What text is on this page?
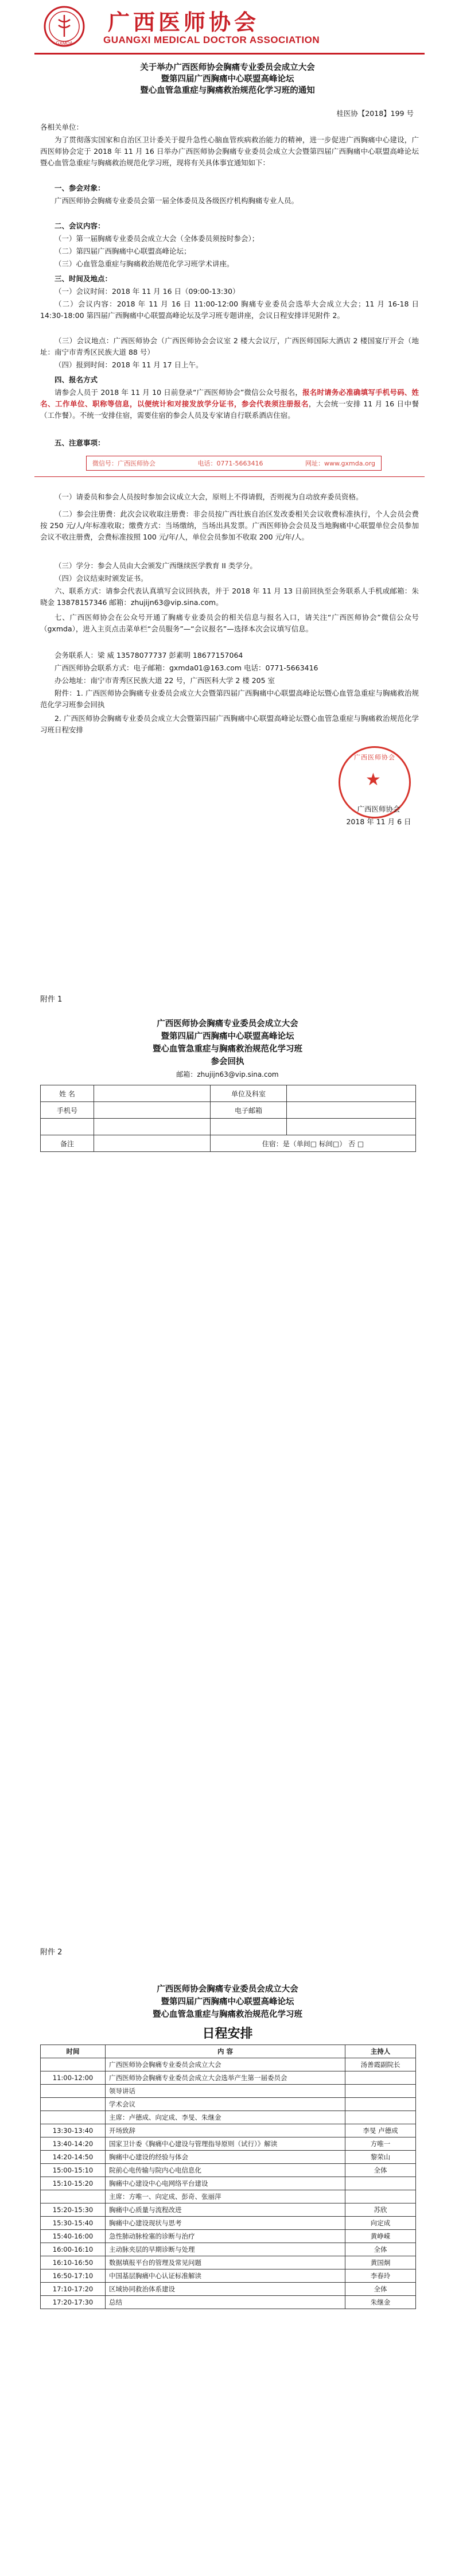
GXMDA
广西医师协会
GUANGXI MEDICAL DOCTOR ASSOCIATION
关于举办广西医师协会胸痛专业委员会成立大会
暨第四届广西胸痛中心联盟高峰论坛
暨心血管急重症与胸痛救治规范化学习班的通知
桂医协【2018】199 号
各相关单位：
为了贯彻落实国家和自治区卫计委关于提升急性心脑血管疾病救治能力的精神，进一步促进广西胸痛中心建设，广西医师协会定于 2018 年 11 月 16 日举办广西医师协会胸痛专业委员会成立大会暨第四届广西胸痛中心联盟高峰论坛暨心血管急重症与胸痛救治规范化学习班，现将有关具体事宜通知如下：
一、参会对象：
广西医师协会胸痛专业委员会第一届全体委员及各级医疗机构胸痛专业人员。
二、会议内容：
（一）第一届胸痛专业委员会成立大会（全体委员须按时参会）；
（二）第四届广西胸痛中心联盟高峰论坛；
（三）心血管急重症与胸痛救治规范化学习班学术讲座。
三、时间及地点：
（一）会议时间：2018 年 11 月 16 日（09:00-13:30）
（二）会议内容：2018 年 11 月 16 日 11:00-12:00 胸痛专业委员会选举大会成立大会；11 月 16-18 日 14:30-18:00 第四届广西胸痛中心联盟高峰论坛及学习班专题讲座，会议日程安排详见附件 2。
（三）会议地点：广西医师协会（广西医师协会会议室 2 楼大会议厅，广西医师国际大酒店 2 楼国宴厅开会（地址：南宁市青秀区民族大道 88 号）
（四）报到时间：2018 年 11 月 17 日上午。
四、报名方式
请参会人员于 2018 年 11 月 10 日前登录“广西医师协会”微信公众号报名，报名时请务必准确填写手机号码、姓名、工作单位、职称等信息，以便统计和对接发放学分证书，参会代表须注册报名，大会统一安排 11 月 16 日中餐（工作餐）。不统一安排住宿，需要住宿的参会人员及专家请自行联系酒店住宿。
五、注意事项：
微信号：广西医师协会	电话：0771-5663416	网址：www.gxmda.org
（一）请委员和参会人员按时参加会议成立大会，原则上不得请假，否则视为自动放弃委员资格。
（二）参会注册费：此次会议收取注册费：非会员按广西壮族自治区发改委相关会议收费标准执行，个人会员会费按 250 元/人/年标准收取；缴费方式：当场缴纳，当场出具发票。广西医师协会会员及当地胸痛中心联盟单位会员参加会议不收注册费，会费标准按照 100 元/年/人，单位会员参加不收取 200 元/年/人。
（三）学分：参会人员由大会颁发广西继续医学教育 II 类学分。
（四）会议结束时颁发证书。
六、联系方式：请参会代表认真填写会议回执表，并于 2018 年 11 月 13 日前回执至会务联系人手机或邮箱：朱晓金 13878157346 邮箱：zhujijn63@vip.sina.com。
七、广西医师协会在公众号开通了胸痛专业委员会的相关信息与报名入口，请关注“广西医师协会”微信公众号（gxmda），进入主页点击菜单栏“会员服务”—“会议报名”—选择本次会议填写信息。
会务联系人：梁 威 13578077737 彭素明 18677157064
广西医师协会联系方式：电子邮箱：gxmda01@163.com 电话：0771-5663416
办公地址：南宁市青秀区民族大道 22 号，广西医科大学 2 楼 205 室
附件：1. 广西医师协会胸痛专业委员会成立大会暨第四届广西胸痛中心联盟高峰论坛暨心血管急重症与胸痛救治规范化学习班参会回执
2. 广西医师协会胸痛专业委员会成立大会暨第四届广西胸痛中心联盟高峰论坛暨心血管急重症与胸痛救治规范化学习班日程安排
广西医师协会
★
广西医师协会
2018 年 11 月 6 日
附件 1
广西医师协会胸痛专业委员会成立大会
暨第四届广西胸痛中心联盟高峰论坛
暨心血管急重症与胸痛救治规范化学习班
参会回执
邮箱：zhujijn63@vip.sina.com
姓 名		单位及科室	
手机号		电子邮箱	

备注		住宿：是（单间□ 标间□） 否 □	
附件 2
广西医师协会胸痛专业委员会成立大会
暨第四届广西胸痛中心联盟高峰论坛
暨心血管急重症与胸痛救治规范化学习班
日程安排
时间	内 容	主持人
	广西医师协会胸痛专业委员会成立大会	汤善霞副院长
11:00-12:00	广西医师协会胸痛专业委员会成立大会选举产生第一届委员会	
	领导讲话	
	学术会议	
	主席：卢德成、向定成、李旻、朱继金	
13:30-13:40	开场致辞	李旻 卢德成
13:40-14:20	国家卫计委《胸痛中心建设与管理指导原则（试行）》解读	方唯一
14:20-14:50	胸痛中心建设的经验与体会	黎荣山
15:00-15:10	院前心电传输与院内心电信息化	全体
15:10-15:20	胸痛中心建设中心电网络平台建设	
	主席：方唯一、向定成、彭奇、张丽萍	
15:20-15:30	胸痛中心质量与流程改进	苏欣
15:30-15:40	胸痛中心建设现状与思考	向定成
15:40-16:00	急性肺动脉栓塞的诊断与治疗	黄峥嵘
16:00-16:10	主动脉夹层的早期诊断与处理	全体
16:10-16:50	数据填报平台的管理及常见问题	黄国炯
16:50-17:10	中国基层胸痛中心认证标准解读	李春玲
17:10-17:20	区域协同救治体系建设	全体
17:20-17:30	总结	朱继金
